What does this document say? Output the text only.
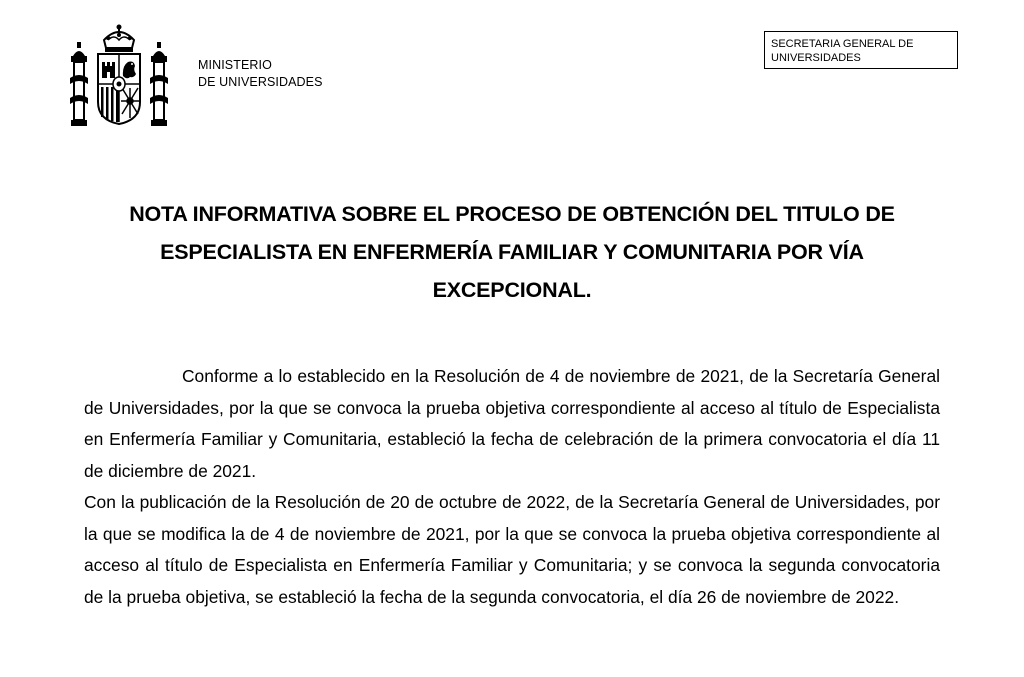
MINISTERIO
DE UNIVERSIDADES
SECRETARIA GENERAL DE
UNIVERSIDADES
NOTA INFORMATIVA SOBRE EL PROCESO DE OBTENCIÓN DEL TITULO DE
ESPECIALISTA EN ENFERMERÍA FAMILIAR Y COMUNITARIA POR VÍA
EXCEPCIONAL.

Conforme a lo establecido en la Resolución de 4 de noviembre de 2021, de la Secretaría General de Universidades, por la que se convoca la prueba objetiva correspondiente al acceso al título de Especialista en Enfermería Familiar y Comunitaria, estableció la fecha de celebración de la primera convocatoria el día 11 de diciembre de 2021.

Con la publicación de la Resolución de 20 de octubre de 2022, de la Secretaría General de Universidades, por la que se modifica la de 4 de noviembre de 2021, por la que se convoca la prueba objetiva correspondiente al acceso al título de Especialista en Enfermería Familiar y Comunitaria; y se convoca la segunda convocatoria de la prueba objetiva, se estableció la fecha de la segunda convocatoria, el día 26 de noviembre de 2022.
